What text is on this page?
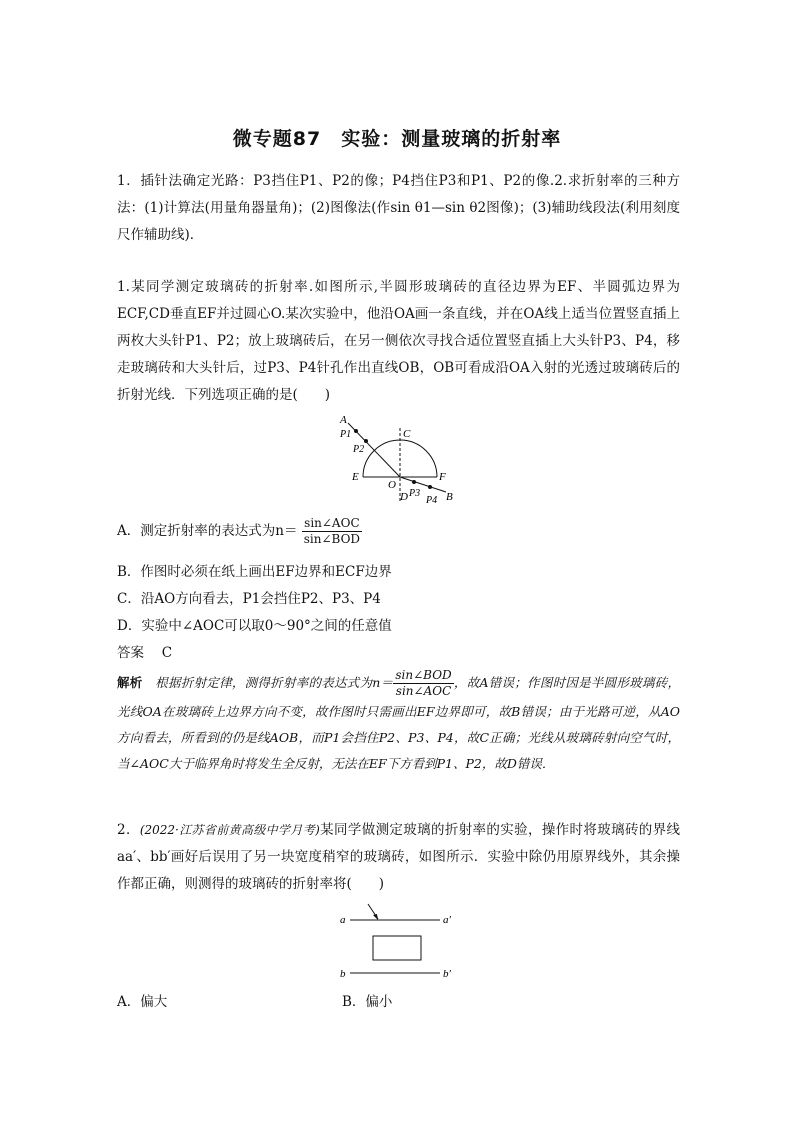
微专题87　实验：测量玻璃的折射率
1．插针法确定光路：P3挡住P1、P2的像；P4挡住P3和P1、P2的像.2.求折射率的三种方法：(1)计算法(用量角器量角)；(2)图像法(作sin θ1—sin θ2图像)；(3)辅助线段法(利用刻度尺作辅助线)．
1.某同学测定玻璃砖的折射率.如图所示,半圆形玻璃砖的直径边界为EF、半圆弧边界为ECF,CD垂直EF并过圆心O.某次实验中，他沿OA画一条直线，并在OA线上适当位置竖直插上两枚大头针P1、P2；放上玻璃砖后，在另一侧依次寻找合适位置竖直插上大头针P3、P4，移走玻璃砖和大头针后，过P3、P4针孔作出直线OB，OB可看成沿OA入射的光透过玻璃砖后的折射光线．下列选项正确的是(　　)
A
P1
P2
C
E	F
O
D P3
P4 B
A．测定折射率的表达式为$n= \frac{\text{sin∠AOC}}{\text{sin∠BOD}}$
B．作图时必须在纸上画出EF边界和ECF边界
C．沿AO方向看去，P1会挡住P2、P3、P4
D．实验中∠AOC可以取0～90°之间的任意值
答案　 C
解析　 根据折射定律，测得折射率的表达式为$n= \frac{\text{sin∠BOD}}{\text{sin∠AOC}}$ ，故A错误；作图时因是半圆形玻璃砖，光线OA在玻璃砖上边界方向不变，故作图时只需画出EF边界即可，故B错误；由于光路可逆，从AO方向看去，所看到的仍是线AOB，而P1会挡住P2、P3、P4，故C正确；光线从玻璃砖射向空气时，当∠AOC大于临界角时将发生全反射，无法在EF下方看到P1、P2，故D错误．
2．(2022·江苏省前黄高级中学月考)某同学做测定玻璃的折射率的实验，操作时将玻璃砖的界线aa′、bb′画好后误用了另一块宽度稍窄的玻璃砖，如图所示．实验中除仍用原界线外，其余操作都正确，则测得的玻璃砖的折射率将(　　)
a	a′
b	b′
A．偏大	B．偏小
